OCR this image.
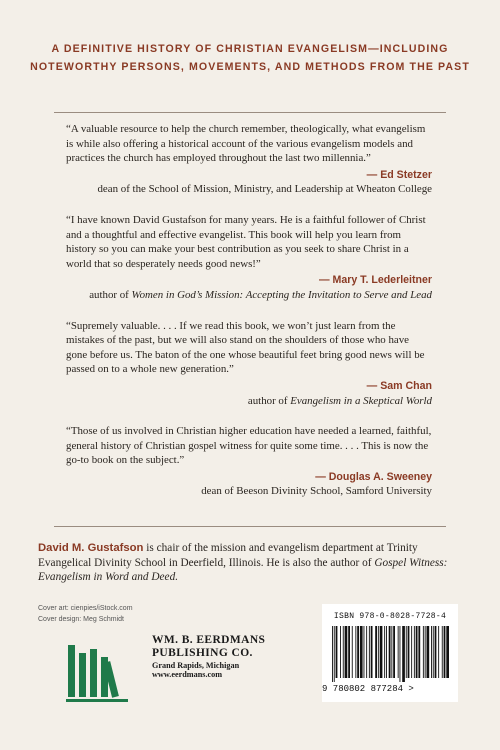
A DEFINITIVE HISTORY OF CHRISTIAN EVANGELISM—INCLUDING
NOTEWORTHY PERSONS, MOVEMENTS, AND METHODS FROM THE PAST
“A valuable resource to help the church remember, theologically, what evangelism is while also offering a historical account of the various evangelism models and practices the church has employed throughout the last two millennia.”
— Ed Stetzer
dean of the School of Mission, Ministry, and Leadership at Wheaton College
“I have known David Gustafson for many years. He is a faithful follower of Christ and a thoughtful and effective evangelist. This book will help you learn from history so you can make your best contribution as you seek to share Christ in a world that so desperately needs good news!”
— Mary T. Lederleitner
author of Women in God’s Mission: Accepting the Invitation to Serve and Lead
“Supremely valuable. . . . If we read this book, we won’t just learn from the mistakes of the past, but we will also stand on the shoulders of those who have gone before us. The baton of the one whose beautiful feet bring good news will be passed on to a whole new generation.”
— Sam Chan
author of Evangelism in a Skeptical World
“Those of us involved in Christian higher education have needed a learned, faithful, general history of Christian gospel witness for quite some time. . . . This is now the go-to book on the subject.”
— Douglas A. Sweeney
dean of Beeson Divinity School, Samford University
David M. Gustafson is chair of the mission and evangelism department at Trinity Evangelical Divinity School in Deerfield, Illinois. He is also the author of Gospel Witness: Evangelism in Word and Deed.
Cover art: cienpies/iStock.com
Cover design: Meg Schmidt
WM. B. EERDMANS
PUBLISHING CO.
Grand Rapids, Michigan
www.eerdmans.com
ISBN 978-0-8028-7728-4
9 780802 877284 >
